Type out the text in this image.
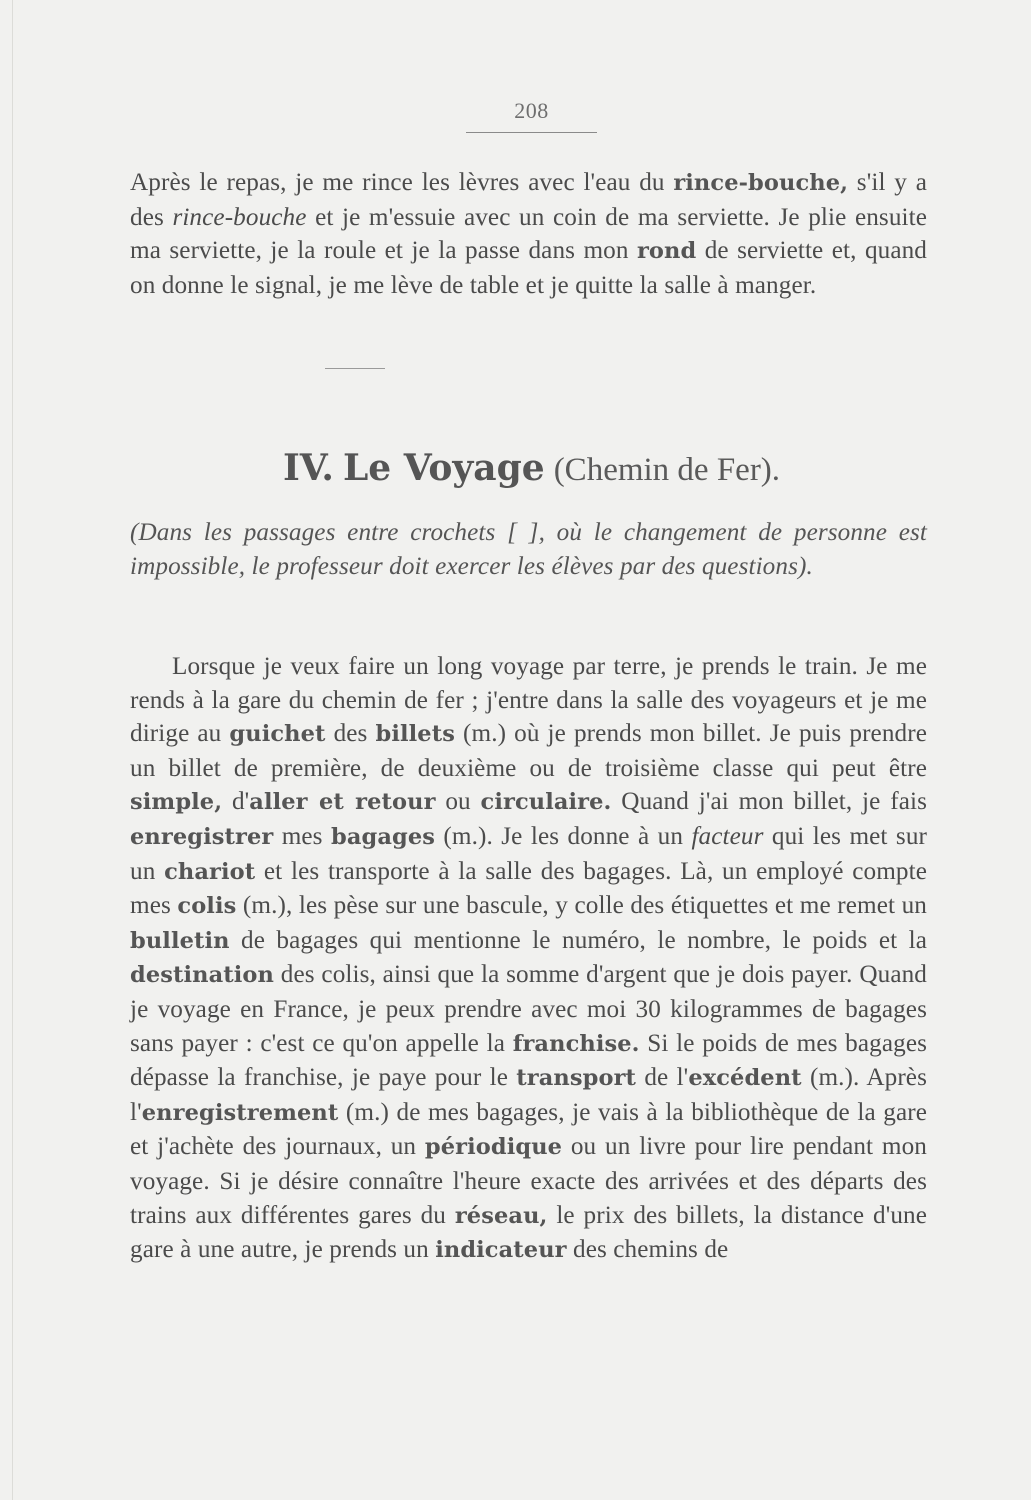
208

Après le repas, je me rince les lèvres avec l'eau du rince-bouche, s'il y a des rince-bouche et je m'essuie avec un coin de ma serviette. Je plie ensuite ma serviette, je la roule et je la passe dans mon rond de serviette et, quand on donne le signal, je me lève de table et je quitte la salle à manger.

IV. Le Voyage (Chemin de Fer).

(Dans les passages entre crochets [ ], où le changement de personne est impossible, le professeur doit exercer les élèves par des questions).

Lorsque je veux faire un long voyage par terre, je prends le train. Je me rends à la gare du chemin de fer ; j'entre dans la salle des voyageurs et je me dirige au guichet des billets (m.) où je prends mon billet. Je puis prendre un billet de première, de deuxième ou de troisième classe qui peut être simple, d'aller et retour ou circulaire. Quand j'ai mon billet, je fais enregistrer mes bagages (m.). Je les donne à un facteur qui les met sur un chariot et les transporte à la salle des bagages. Là, un employé compte mes colis (m.), les pèse sur une bascule, y colle des étiquettes et me remet un bulletin de bagages qui mentionne le numéro, le nombre, le poids et la destination des colis, ainsi que la somme d'argent que je dois payer. Quand je voyage en France, je peux prendre avec moi 30 kilogrammes de bagages sans payer : c'est ce qu'on appelle la franchise. Si le poids de mes bagages dépasse la franchise, je paye pour le transport de l'excédent (m.). Après l'enregistrement (m.) de mes bagages, je vais à la bibliothèque de la gare et j'achète des journaux, un périodique ou un livre pour lire pendant mon voyage. Si je désire connaître l'heure exacte des arrivées et des départs des trains aux différentes gares du réseau, le prix des billets, la distance d'une gare à une autre, je prends un indicateur des chemins de
